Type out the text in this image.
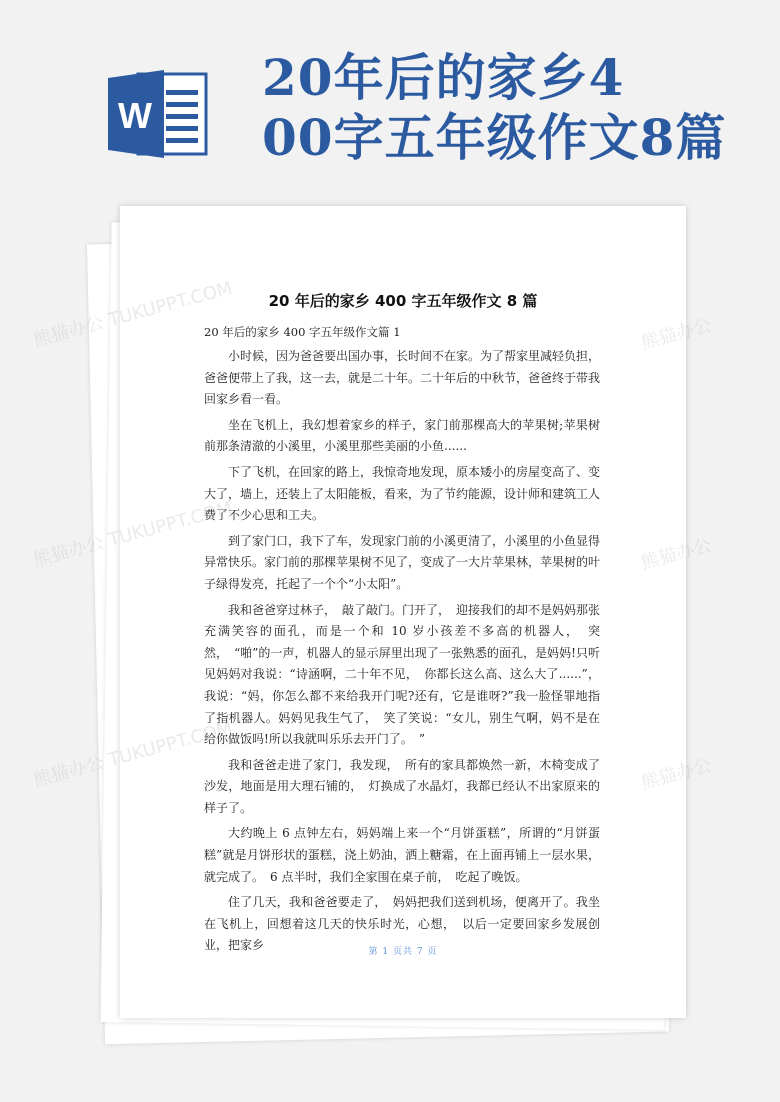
W
20年后的家乡4
00字五年级作文8篇
20 年后的家乡 400 字五年级作文 8 篇
20 年后的家乡 400 字五年级作文篇 1

小时候，因为爸爸要出国办事，长时间不在家。为了帮家里减轻负担，爸爸便带上了我，这一去，就是二十年。二十年后的中秋节，爸爸终于带我回家乡看一看。

坐在飞机上，我幻想着家乡的样子，家门前那棵高大的苹果树;苹果树前那条清澈的小溪里，小溪里那些美丽的小鱼......

下了飞机，在回家的路上，我惊奇地发现，原本矮小的房屋变高了、变大了，墙上，还装上了太阳能板，看来，为了节约能源，设计师和建筑工人费了不少心思和工夫。

到了家门口，我下了车，发现家门前的小溪更清了，小溪里的小鱼显得异常快乐。家门前的那棵苹果树不见了，变成了一大片苹果林，苹果树的叶子绿得发亮，托起了一个个“小太阳”。

我和爸爸穿过林子，　敲了敲门。门开了，　迎接我们的却不是妈妈那张充满笑容的面孔，而是一个和 10 岁小孩差不多高的机器人，　突然，　“啪”的一声，机器人的显示屏里出现了一张熟悉的面孔，是妈妈!只听见妈妈对我说：“诗涵啊，二十年不见，　你都长这么高、这么大了......”，我说：“妈，你怎么都不来给我开门呢?还有，它是谁呀?”我一脸怪罪地指了指机器人。妈妈见我生气了，　笑了笑说：“女儿，别生气啊，妈不是在给你做饭吗!所以我就叫乐乐去开门了。　”

我和爸爸走进了家门，我发现，　所有的家具都焕然一新，木椅变成了沙发，地面是用大理石铺的，　灯换成了水晶灯，我都已经认不出家原来的样子了。

大约晚上 6 点钟左右，妈妈端上来一个“月饼蛋糕”，所谓的“月饼蛋糕”就是月饼形状的蛋糕，浇上奶油，洒上糖霜，在上面再铺上一层水果，就完成了。　6 点半时，我们全家围在桌子前，　吃起了晚饭。

住了几天，我和爸爸要走了，　妈妈把我们送到机场，便离开了。我坐在飞机上，回想着这几天的快乐时光，心想，　以后一定要回家乡发展创业，把家乡	第 1 页共 7 页
熊猫办公 TUKUPPT.COM	熊猫办公
熊猫办公 TUKUPPT.COM	熊猫办公
熊猫办公 TUKUPPT.COM	熊猫办公
